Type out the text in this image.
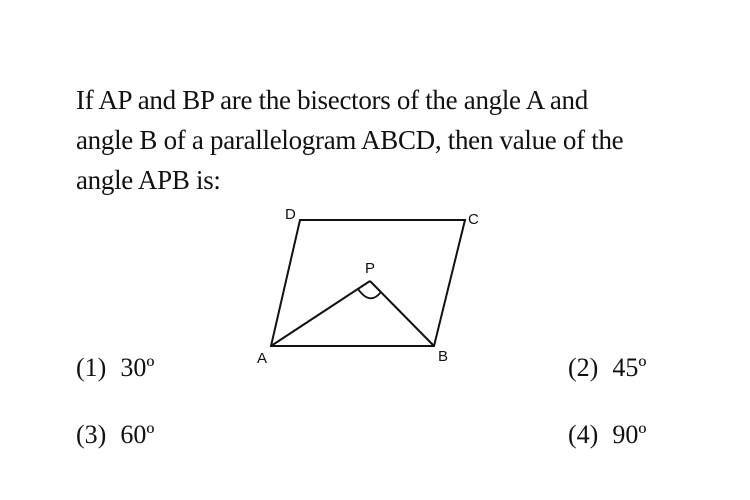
If AP and BP are the bisectors of the angle A and
angle B of a parallelogram ABCD, then value of the
angle APB is:
D	C
P
A	B
(1) 30º	(2) 45º
(3) 60º	(4) 90º
